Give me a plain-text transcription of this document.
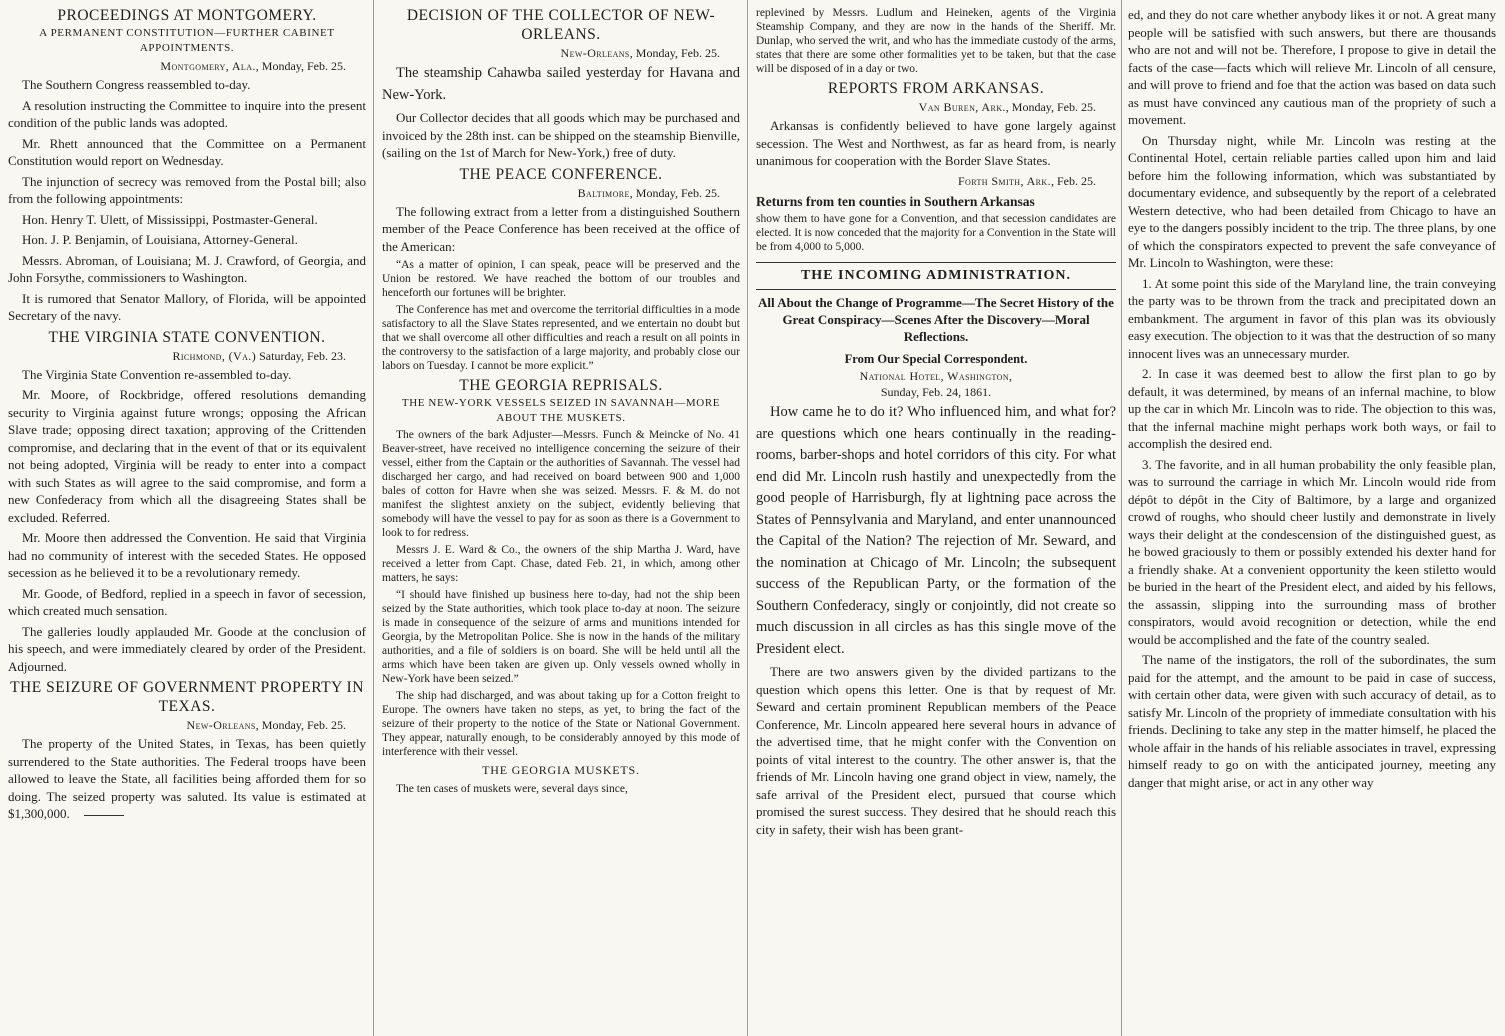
PROCEEDINGS AT MONTGOMERY.
A PERMANENT CONSTITUTION—FURTHER CABINET APPOINTMENTS.
Montgomery, Ala., Monday, Feb. 25.

The Southern Congress reassembled to-day.

A resolution instructing the Committee to inquire into the present condition of the public lands was adopted.

Mr. Rhett announced that the Committee on a Permanent Constitution would report on Wednesday.

The injunction of secrecy was removed from the Postal bill; also from the following appointments:

Hon. Henry T. Ulett, of Mississippi, Postmaster-General.

Hon. J. P. Benjamin, of Louisiana, Attorney-General.

Messrs. Abroman, of Louisiana; M. J. Crawford, of Georgia, and John Forsythe, commissioners to Washington.

It is rumored that Senator Mallory, of Florida, will be appointed Secretary of the navy.

THE VIRGINIA STATE CONVENTION.
Richmond, (Va.) Saturday, Feb. 23.

The Virginia State Convention re-assembled to-day.

Mr. Moore, of Rockbridge, offered resolutions demanding security to Virginia against future wrongs; opposing the African Slave trade; opposing direct taxation; approving of the Crittenden compromise, and declaring that in the event of that or its equivalent not being adopted, Virginia will be ready to enter into a compact with such States as will agree to the said compromise, and form a new Confederacy from which all the disagreeing States shall be excluded. Referred.

Mr. Moore then addressed the Convention. He said that Virginia had no community of interest with the seceded States. He opposed secession as he believed it to be a revolutionary remedy.

Mr. Goode, of Bedford, replied in a speech in favor of secession, which created much sensation.

The galleries loudly applauded Mr. Goode at the conclusion of his speech, and were immediately cleared by order of the President. Adjourned.

THE SEIZURE OF GOVERNMENT PROPERTY IN TEXAS.
New-Orleans, Monday, Feb. 25.

The property of the United States, in Texas, has been quietly surrendered to the State authorities. The Federal troops have been allowed to leave the State, all facilities being afforded them for so doing. The seized property was saluted. Its value is estimated at $1,300,000.

DECISION OF THE COLLECTOR OF NEW-ORLEANS.
New-Orleans, Monday, Feb. 25.

The steamship Cahawba sailed yesterday for Havana and New-York.

Our Collector decides that all goods which may be purchased and invoiced by the 28th inst. can be shipped on the steamship Bienville, (sailing on the 1st of March for New-York,) free of duty.

THE PEACE CONFERENCE.
Baltimore, Monday, Feb. 25.

The following extract from a letter from a distinguished Southern member of the Peace Conference has been received at the office of the American:

“As a matter of opinion, I can speak, peace will be preserved and the Union be restored. We have reached the bottom of our troubles and henceforth our fortunes will be brighter.

The Conference has met and overcome the territorial difficulties in a mode satisfactory to all the Slave States represented, and we entertain no doubt but that we shall overcome all other difficulties and reach a result on all points in the controversy to the satisfaction of a large majority, and probably close our labors on Tuesday. I cannot be more explicit.”

THE GEORGIA REPRISALS.
THE NEW-YORK VESSELS SEIZED IN SAVANNAH—MORE ABOUT THE MUSKETS.

The owners of the bark Adjuster—Messrs. Funch & Meincke of No. 41 Beaver-street, have received no intelligence concerning the seizure of their vessel, either from the Captain or the authorities of Savannah. The vessel had discharged her cargo, and had received on board between 900 and 1,000 bales of cotton for Havre when she was seized. Messrs. F. & M. do not manifest the slightest anxiety on the subject, evidently believing that somebody will have the vessel to pay for as soon as there is a Government to look to for redress.

Messrs J. E. Ward & Co., the owners of the ship Martha J. Ward, have received a letter from Capt. Chase, dated Feb. 21, in which, among other matters, he says:

“I should have finished up business here to-day, had not the ship been seized by the State authorities, which took place to-day at noon. The seizure is made in consequence of the seizure of arms and munitions intended for Georgia, by the Metropolitan Police. She is now in the hands of the military authorities, and a file of soldiers is on board. She will be held until all the arms which have been taken are given up. Only vessels owned wholly in New-York have been seized.”

The ship had discharged, and was about taking up for a Cotton freight to Europe. The owners have taken no steps, as yet, to bring the fact of the seizure of their property to the notice of the State or National Government. They appear, naturally enough, to be considerably annoyed by this mode of interference with their vessel.

THE GEORGIA MUSKETS.

The ten cases of muskets were, several days since,

replevined by Messrs. Ludlum and Heineken, agents of the Virginia Steamship Company, and they are now in the hands of the Sheriff. Mr. Dunlap, who served the writ, and who has the immediate custody of the arms, states that there are some other formalities yet to be taken, but that the case will be disposed of in a day or two.

REPORTS FROM ARKANSAS.
Van Buren, Ark., Monday, Feb. 25.

Arkansas is confidently believed to have gone largely against secession. The West and Northwest, as far as heard from, is nearly unanimous for cooperation with the Border Slave States.

Forth Smith, Ark., Feb. 25.
Returns from ten counties in Southern Arkansas

show them to have gone for a Convention, and that secession candidates are elected. It is now conceded that the majority for a Convention in the State will be from 4,000 to 5,000.

THE INCOMING ADMINISTRATION.
All About the Change of Programme—The Secret History of the Great Conspiracy—Scenes After the Discovery—Moral Reflections.
From Our Special Correspondent.
National Hotel, Washington,
Sunday, Feb. 24, 1861.

How came he to do it? Who influenced him, and what for? are questions which one hears continually in the reading-rooms, barber-shops and hotel corridors of this city. For what end did Mr. Lincoln rush hastily and unexpectedly from the good people of Harrisburgh, fly at lightning pace across the States of Pennsylvania and Maryland, and enter unannounced the Capital of the Nation? The rejection of Mr. Seward, and the nomination at Chicago of Mr. Lincoln; the subsequent success of the Republican Party, or the formation of the Southern Confederacy, singly or conjointly, did not create so much discussion in all circles as has this single move of the President elect.

There are two answers given by the divided partizans to the question which opens this letter. One is that by request of Mr. Seward and certain prominent Republican members of the Peace Conference, Mr. Lincoln appeared here several hours in advance of the advertised time, that he might confer with the Convention on points of vital interest to the country. The other answer is, that the friends of Mr. Lincoln having one grand object in view, namely, the safe arrival of the President elect, pursued that course which promised the surest success. They desired that he should reach this city in safety, their wish has been grant-

ed, and they do not care whether anybody likes it or not. A great many people will be satisfied with such answers, but there are thousands who are not and will not be. Therefore, I propose to give in detail the facts of the case—facts which will relieve Mr. Lincoln of all censure, and will prove to friend and foe that the action was based on data such as must have convinced any cautious man of the propriety of such a movement.

On Thursday night, while Mr. Lincoln was resting at the Continental Hotel, certain reliable parties called upon him and laid before him the following information, which was substantiated by documentary evidence, and subsequently by the report of a celebrated Western detective, who had been detailed from Chicago to have an eye to the dangers possibly incident to the trip. The three plans, by one of which the conspirators expected to prevent the safe conveyance of Mr. Lincoln to Washington, were these:

1. At some point this side of the Maryland line, the train conveying the party was to be thrown from the track and precipitated down an embankment. The argument in favor of this plan was its obviously easy execution. The objection to it was that the destruction of so many innocent lives was an unnecessary murder.

2. In case it was deemed best to allow the first plan to go by default, it was determined, by means of an infernal machine, to blow up the car in which Mr. Lincoln was to ride. The objection to this was, that the infernal machine might perhaps work both ways, or fail to accomplish the desired end.

3. The favorite, and in all human probability the only feasible plan, was to surround the carriage in which Mr. Lincoln would ride from dépôt to dépôt in the City of Baltimore, by a large and organized crowd of roughs, who should cheer lustily and demonstrate in lively ways their delight at the condescension of the distinguished guest, as he bowed graciously to them or possibly extended his dexter hand for a friendly shake. At a convenient opportunity the keen stiletto would be buried in the heart of the President elect, and aided by his fellows, the assassin, slipping into the surrounding mass of brother conspirators, would avoid recognition or detection, while the end would be accomplished and the fate of the country sealed.

The name of the instigators, the roll of the subordinates, the sum paid for the attempt, and the amount to be paid in case of success, with certain other data, were given with such accuracy of detail, as to satisfy Mr. Lincoln of the propriety of immediate consultation with his friends. Declining to take any step in the matter himself, he placed the whole affair in the hands of his reliable associates in travel, expressing himself ready to go on with the anticipated journey, meeting any danger that might arise, or act in any other way
